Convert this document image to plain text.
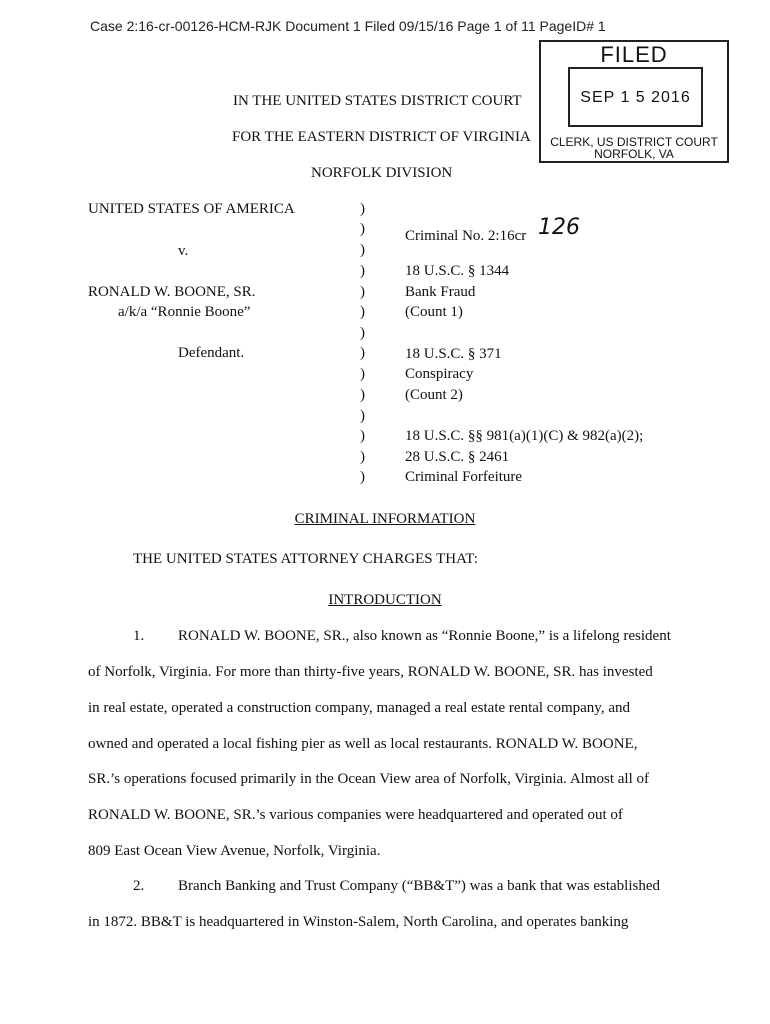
Case 2:16-cr-00126-HCM-RJK Document 1 Filed 09/15/16 Page 1 of 11 PageID# 1
FILED
SEP 1 5 2016
CLERK, US DISTRICT COURT
NORFOLK, VA
IN THE UNITED STATES DISTRICT COURT
FOR THE EASTERN DISTRICT OF VIRGINIA
NORFOLK DIVISION
UNITED STATES OF AMERICA
v.
RONALD W. BOONE, SR.
a/k/a “Ronnie Boone”
Defendant.
)
)
)
)
)
)
)
)
)
)
)
)
)
)
Criminal No. 2:16cr 126
18 U.S.C. § 1344
Bank Fraud
(Count 1)
18 U.S.C. § 371
Conspiracy
(Count 2)
18 U.S.C. §§ 981(a)(1)(C) & 982(a)(2);
28 U.S.C. § 2461
Criminal Forfeiture
CRIMINAL INFORMATION
THE UNITED STATES ATTORNEY CHARGES THAT:
INTRODUCTION
1. RONALD W. BOONE, SR., also known as “Ronnie Boone,” is a lifelong resident
of Norfolk, Virginia. For more than thirty-five years, RONALD W. BOONE, SR. has invested
in real estate, operated a construction company, managed a real estate rental company, and
owned and operated a local fishing pier as well as local restaurants. RONALD W. BOONE,
SR.’s operations focused primarily in the Ocean View area of Norfolk, Virginia. Almost all of
RONALD W. BOONE, SR.’s various companies were headquartered and operated out of
809 East Ocean View Avenue, Norfolk, Virginia.
2. Branch Banking and Trust Company (“BB&T”) was a bank that was established
in 1872. BB&T is headquartered in Winston-Salem, North Carolina, and operates banking
